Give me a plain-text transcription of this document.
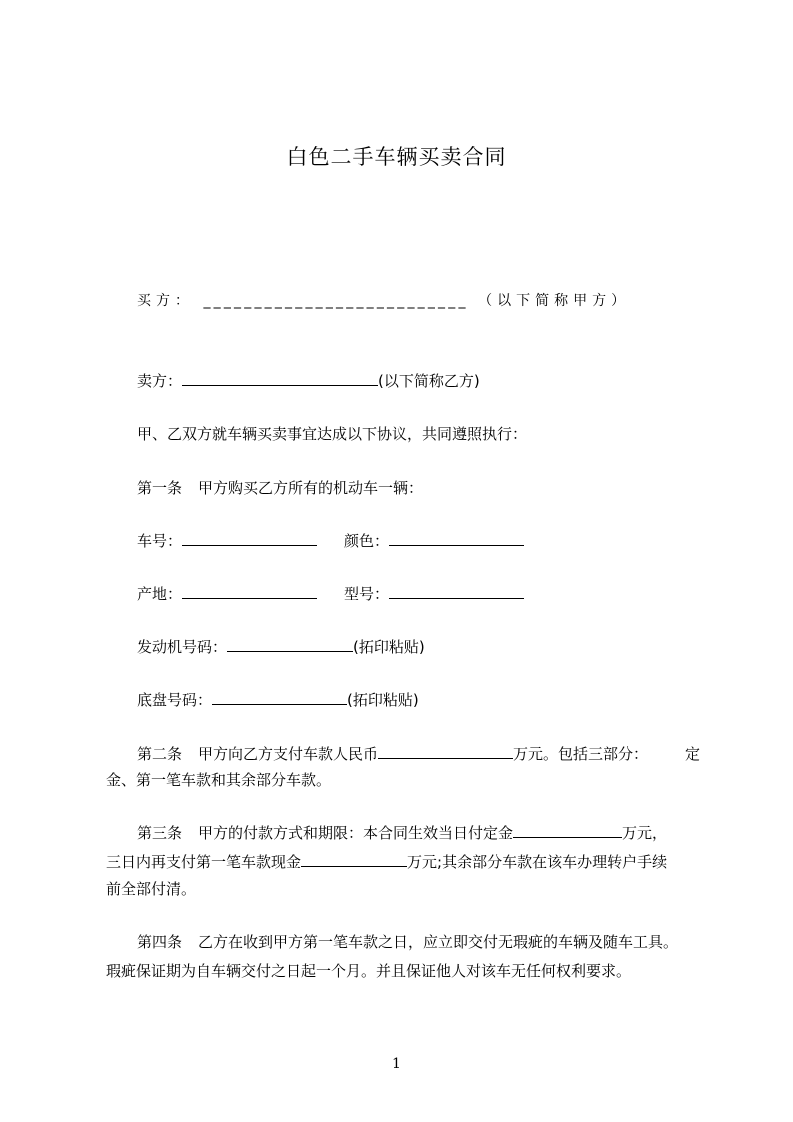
白色二手车辆买卖合同
买方： __________________________ （以下简称甲方）
卖方：	(以下简称乙方)
甲、乙双方就车辆买卖事宜达成以下协议，共同遵照执行：
第一条 甲方购买乙方所有的机动车一辆：
车号：	颜色：
产地：	型号：
发动机号码：	(拓印粘贴)
底盘号码：	(拓印粘贴)
第二条 甲方向乙方支付车款人民币	万元。包括三部分： 定
金、第一笔车款和其余部分车款。
第三条 甲方的付款方式和期限：本合同生效当日付定金	万元，
三日内再支付第一笔车款现金	万元;其余部分车款在该车办理转户手续
前全部付清。
第四条 乙方在收到甲方第一笔车款之日，应立即交付无瑕疵的车辆及随车工具。
瑕疵保证期为自车辆交付之日起一个月。并且保证他人对该车无任何权利要求。
1
